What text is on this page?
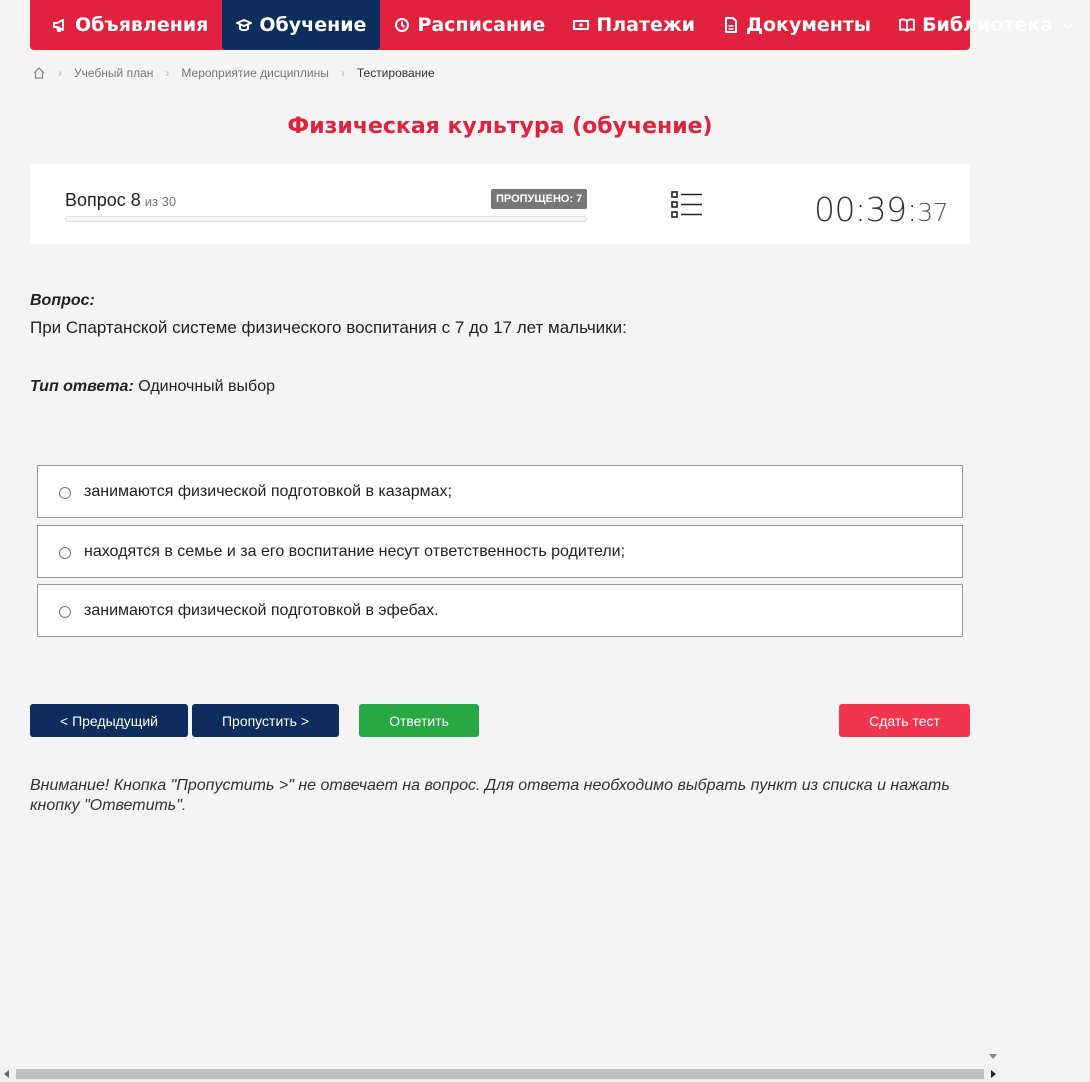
Объявления	Обучение	Расписание	Платежи	Документы	Библиотека
› Учебный план › Мероприятие дисциплины › Тестирование
Физическая культура (обучение)
Вопрос 8 из 30	ПРОПУЩЕНО: 7	00:39:37
Вопрос:
При Спартанской системе физического воспитания с 7 до 17 лет мальчики:
Тип ответа: Одиночный выбор
занимаются физической подготовкой в казармах;
находятся в семье и за его воспитание несут ответственность родители;
занимаются физической подготовкой в эфебах.
< Предыдущий	Пропустить >	Ответить	Сдать тест
Внимание! Кнопка "Пропустить >" не отвечает на вопрос. Для ответа необходимо выбрать пункт из списка и нажать кнопку "Ответить".
